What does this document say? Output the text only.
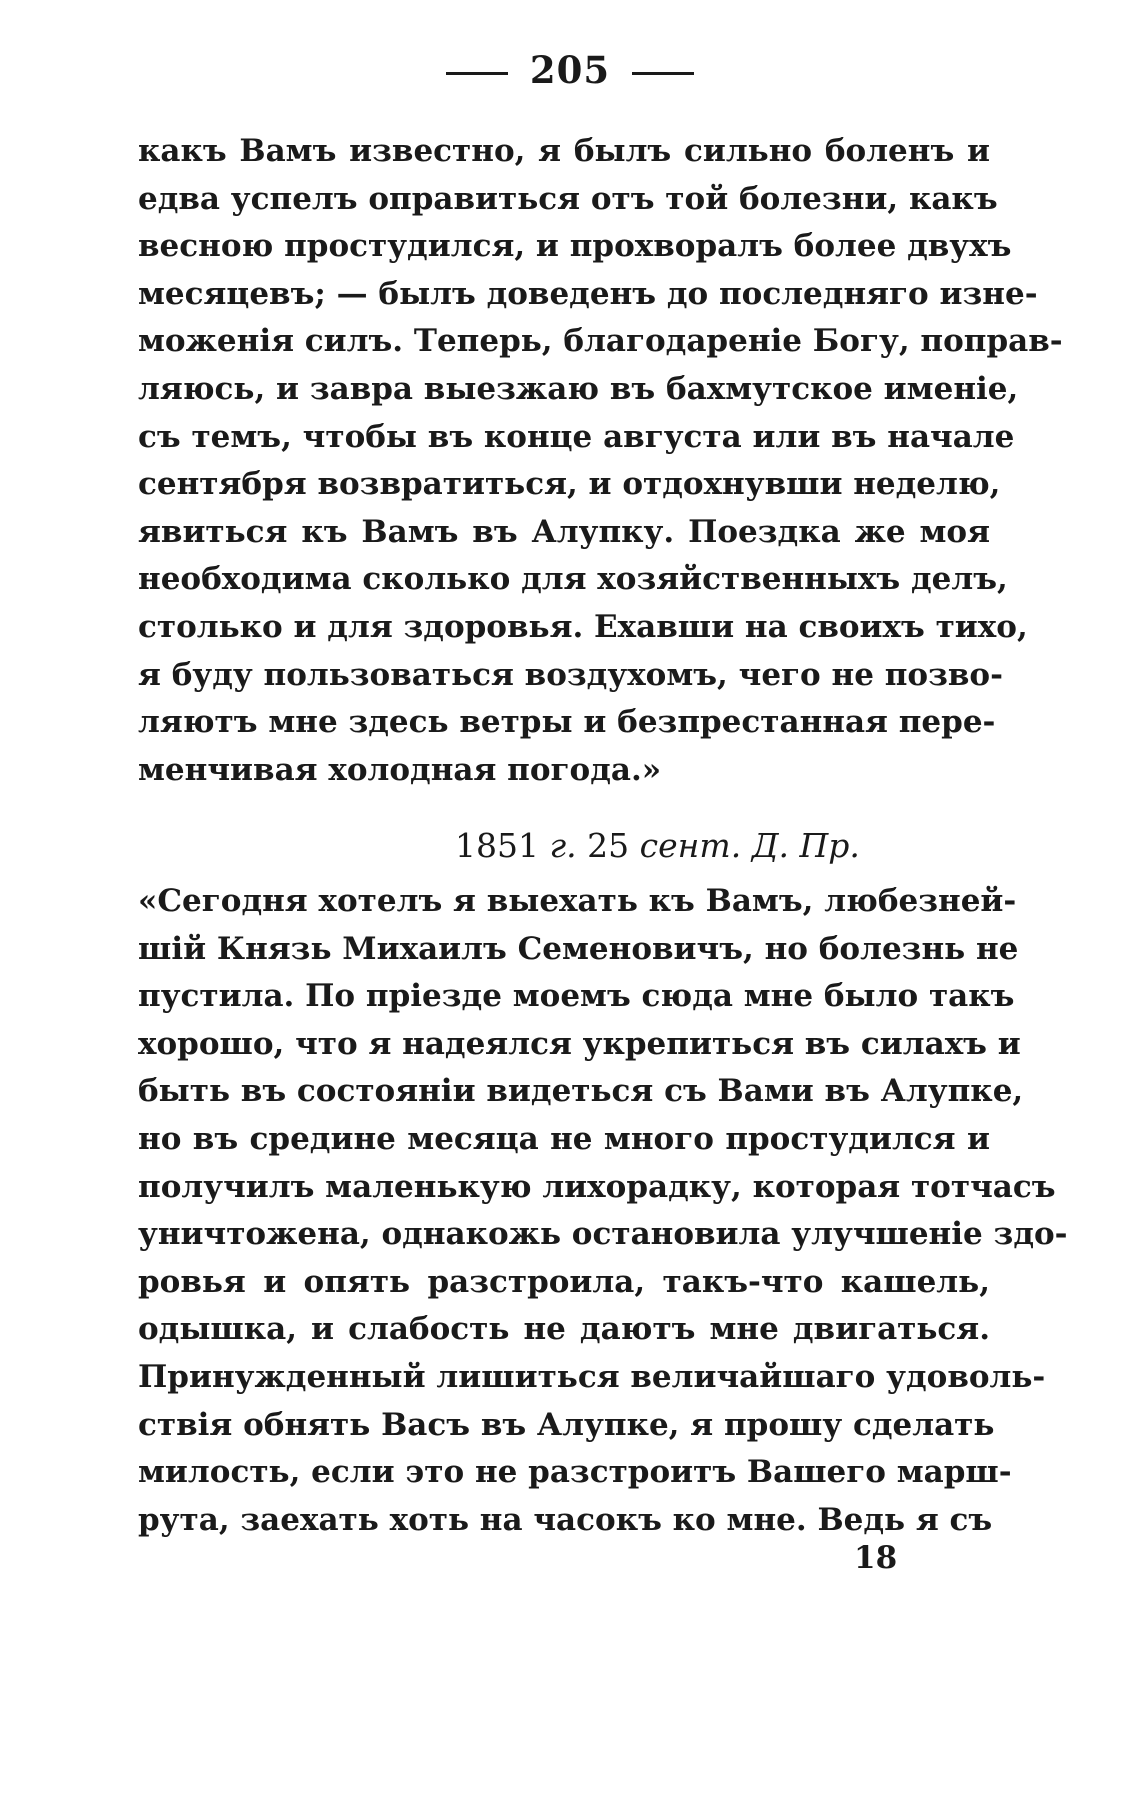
205
какъ Вамъ известно, я былъ сильно боленъ и
едва успелъ оправиться отъ той болезни, какъ
весною простудился, и прохворалъ более двухъ
месяцевъ; — былъ доведенъ до последняго изне-
моженія силъ. Теперь, благодареніе Богу, поправ-
ляюсь, и завра выезжаю въ бахмутское именіе,
съ темъ, чтобы въ конце августа или въ начале
сентября возвратиться, и отдохнувши неделю,
явиться къ Вамъ въ Алупку. Поездка же моя
необходима сколько для хозяйственныхъ делъ,
столько и для здоровья. Ехавши на своихъ тихо,
я буду пользоваться воздухомъ, чего не позво-
ляютъ мне здесь ветры и безпрестанная пере-
менчивая холодная погода.»
1851 г. 25 сент. Д. Пр.
«Сегодня хотелъ я выехать къ Вамъ, любезней-
шій Князь Михаилъ Семеновичъ, но болезнь не
пустила. По пріезде моемъ сюда мне было такъ
хорошо, что я надеялся укрепиться въ силахъ и
быть въ состояніи видеться съ Вами въ Алупке,
но въ средине месяца не много простудился и
получилъ маленькую лихорадку, которая тотчасъ
уничтожена, однакожь остановила улучшеніе здо-
ровья и опять разстроила, такъ-что кашель,
одышка, и слабость не даютъ мне двигаться.
Принужденный лишиться величайшаго удоволь-
ствія обнять Васъ въ Алупке, я прошу сделать
милость, если это не разстроитъ Вашего марш-
рута, заехать хоть на часокъ ко мне. Ведь я съ
18
